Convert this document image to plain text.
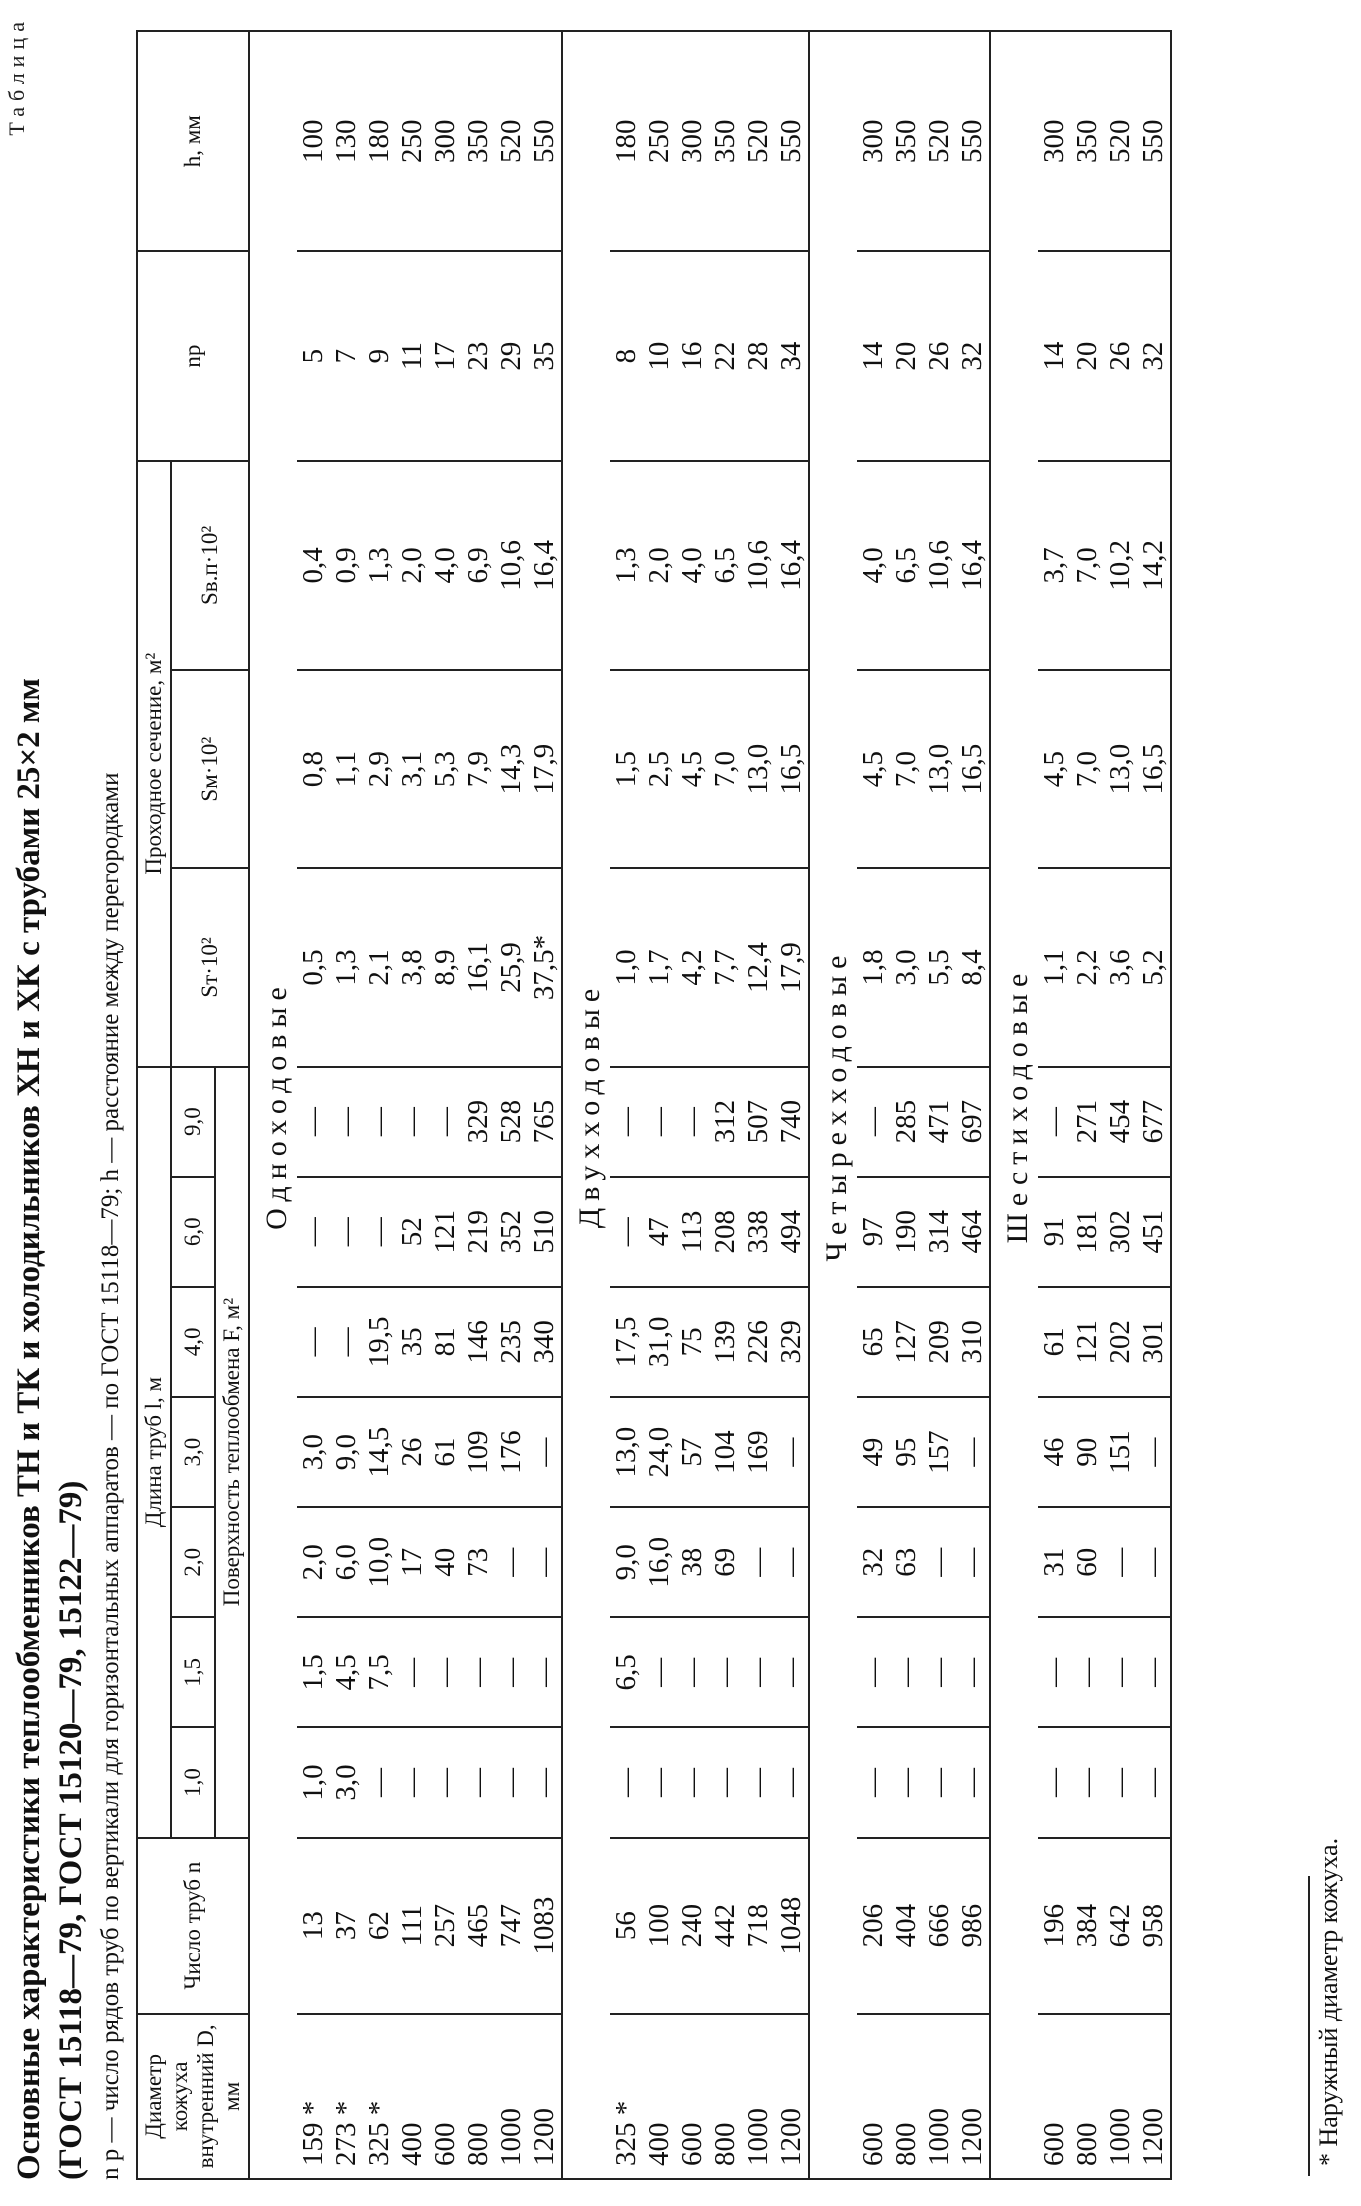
Таблица
Основные характеристики теплообменников ТН и ТК и холодильников ХН и ХК с трубами 25×2 мм (ГОСТ 15118—79, ГОСТ 15120—79, 15122—79) n р — число рядов труб по вертикали для горизонтальных аппаратов — по ГОСТ 15118—79; h — расстояние между перегородками Диаметр кожуха внутренний D, мм	Число труб n	Длина труб l, м							Проходное сечение, м²			nр	h, мм
		1,0	1,5	2,0	3,0	4,0	6,0	9,0	Sт·10²	Sм·10²	Sв.п·10²		
		Поверхность теплообмена F, м²											
Одноходовые													
159 *	13	1,0	1,5	2,0	3,0	—	—	—	0,5	0,8	0,4	5	100
273 *	37	3,0	4,5	6,0	9,0	—	—	—	1,3	1,1	0,9	7	130
325 *	62	—	7,5	10,0	14,5	19,5	—	—	2,1	2,9	1,3	9	180
400	111	—	—	17	26	35	52	—	3,8	3,1	2,0	11	250
600	257	—	—	40	61	81	121	—	8,9	5,3	4,0	17	300
800	465	—	—	73	109	146	219	329	16,1	7,9	6,9	23	350
1000	747	—	—	—	176	235	352	528	25,9	14,3	10,6	29	520
1200	1083	—	—	—	—	340	510	765	37,5*	17,9	16,4	35	550
Двухходовые													
325 *	56	—	6,5	9,0	13,0	17,5	—	—	1,0	1,5	1,3	8	180
400	100	—	—	16,0	24,0	31,0	47	—	1,7	2,5	2,0	10	250
600	240	—	—	38	57	75	113	—	4,2	4,5	4,0	16	300
800	442	—	—	69	104	139	208	312	7,7	7,0	6,5	22	350
1000	718	—	—	—	169	226	338	507	12,4	13,0	10,6	28	520
1200	1048	—	—	—	—	329	494	740	17,9	16,5	16,4	34	550
Четырехходовые													
600	206	—	—	32	49	65	97	—	1,8	4,5	4,0	14	300
800	404	—	—	63	95	127	190	285	3,0	7,0	6,5	20	350
1000	666	—	—	—	157	209	314	471	5,5	13,0	10,6	26	520
1200	986	—	—	—	—	310	464	697	8,4	16,5	16,4	32	550
Шестиходовые													
600	196	—	—	31	46	61	91	—	1,1	4,5	3,7	14	300
800	384	—	—	60	90	121	181	271	2,2	7,0	7,0	20	350
1000	642	—	—	—	151	202	302	454	3,6	13,0	10,2	26	520
1200	958	—	—	—	—	301	451	677	5,2	16,5	14,2	32	550
* Наружный диаметр кожуха.
